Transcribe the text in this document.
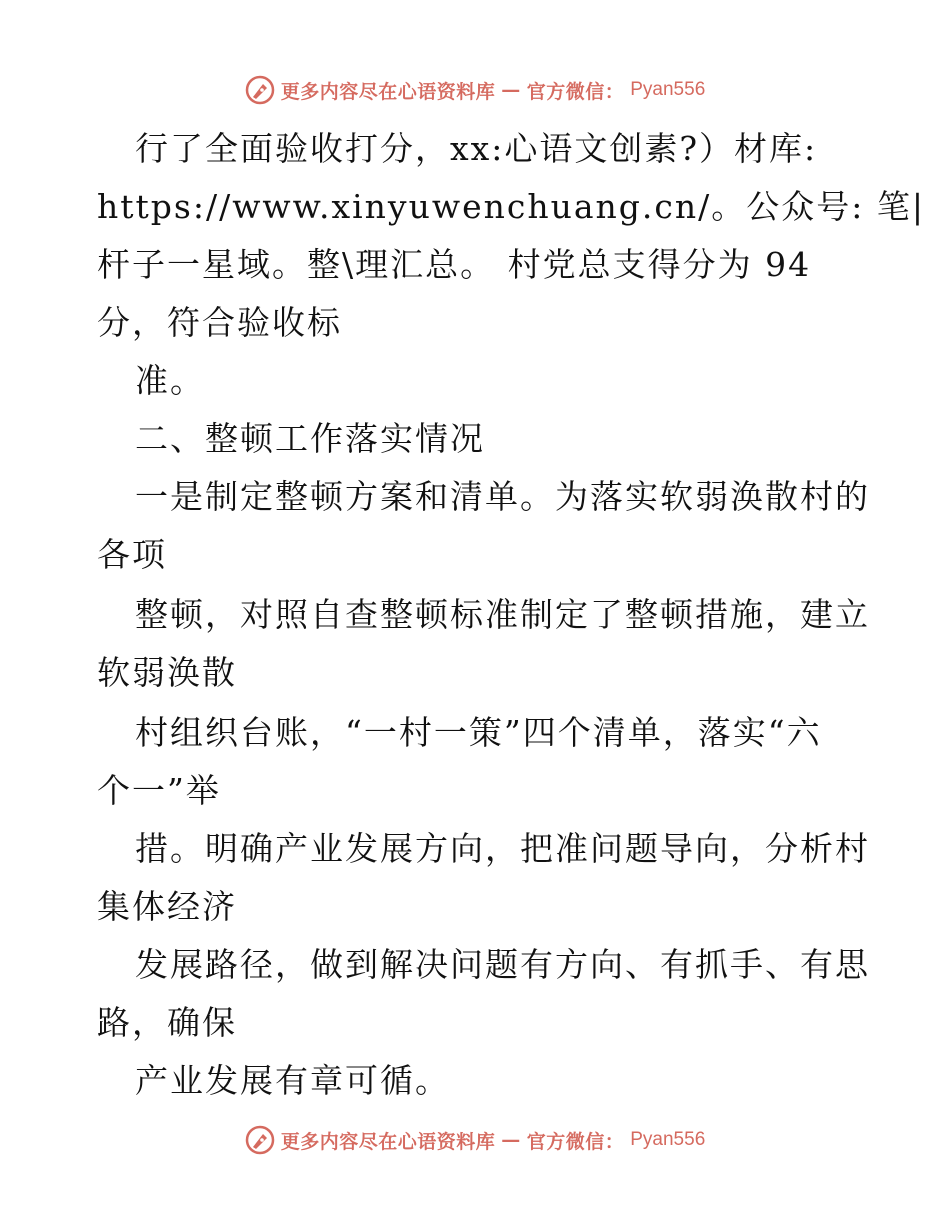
更多内容尽在心语资料库 — 官方微信： Pyan556
行了全面验收打分，xx:心语文创素?）材库:
https://www.xinyuwenchuang.cn/。公众号: 笔|
杆子一星域。整\理汇总。 村党总支得分为 94
分，符合验收标
准。
二、整顿工作落实情况
一是制定整顿方案和清单。为落实软弱涣散村的
各项
整顿，对照自查整顿标准制定了整顿措施，建立
软弱涣散
村组织台账，“一村一策”四个清单，落实“六
个一”举
措。明确产业发展方向，把准问题导向，分析村
集体经济
发展路径，做到解决问题有方向、有抓手、有思
路，确保
产业发展有章可循。
更多内容尽在心语资料库 — 官方微信： Pyan556
